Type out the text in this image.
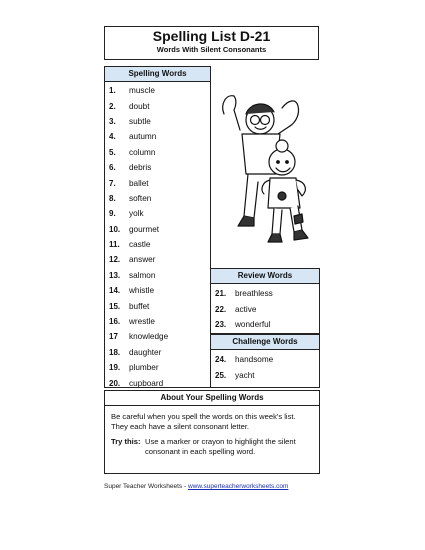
Spelling List D-21
Words With Silent Consonants
Spelling Words
1.	muscle
2.	doubt
3.	subtle
4.	autumn
5.	column
6.	debris
7.	ballet
8.	soften
9.	yolk
10.	gourmet
11.	castle
12.	answer
13.	salmon
14.	whistle
15.	buffet
16.	wrestle
17	knowledge
18.	daughter
19.	plumber
20.	cupboard
Review Words
21.	breathless
22.	active
23.	wonderful
Challenge Words
24.	handsome
25.	yacht
About Your Spelling Words

Be careful when you spell the words on this week's list. They each have a silent consonant letter.

Try this: Use a marker or crayon to highlight the silent consonant in each spelling word.

Super Teacher Worksheets - www.superteacherworksheets.com
